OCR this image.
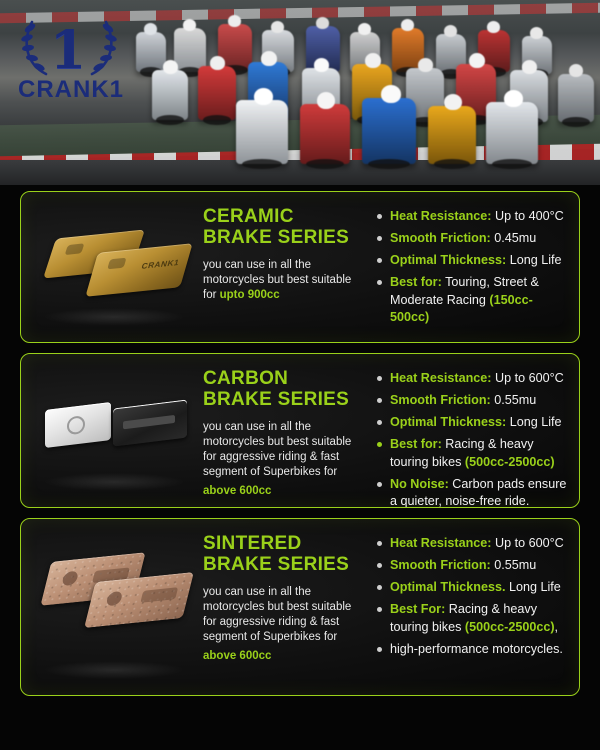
1
CRANK1
CRANK1
CERAMIC
BRAKE SERIES
you can use in all the motorcycles but best suitable for upto 900cc
Heat Resistance: Up to 400°C
Smooth Friction: 0.45mu
Optimal Thickness: Long Life
Best for: Touring, Street & Moderate Racing (150cc-500cc)
CARBON
BRAKE SERIES
you can use in all the motorcycles but best suitable for aggressive riding & fast segment of Superbikes for
above 600cc
Heat Resistance: Up to 600°C
Smooth Friction: 0.55mu
Optimal Thickness: Long Life
Best for: Racing & heavy touring bikes (500cc-2500cc)
No Noise: Carbon pads ensure a quieter, noise-free ride.
SINTERED
BRAKE SERIES
you can use in all the motorcycles but best suitable for aggressive riding & fast segment of Superbikes for
above 600cc
Heat Resistance: Up to 600°C
Smooth Friction: 0.55mu
Optimal Thickness. Long Life
Best For: Racing & heavy touring bikes (500cc-2500cc),
high-performance motorcycles.
